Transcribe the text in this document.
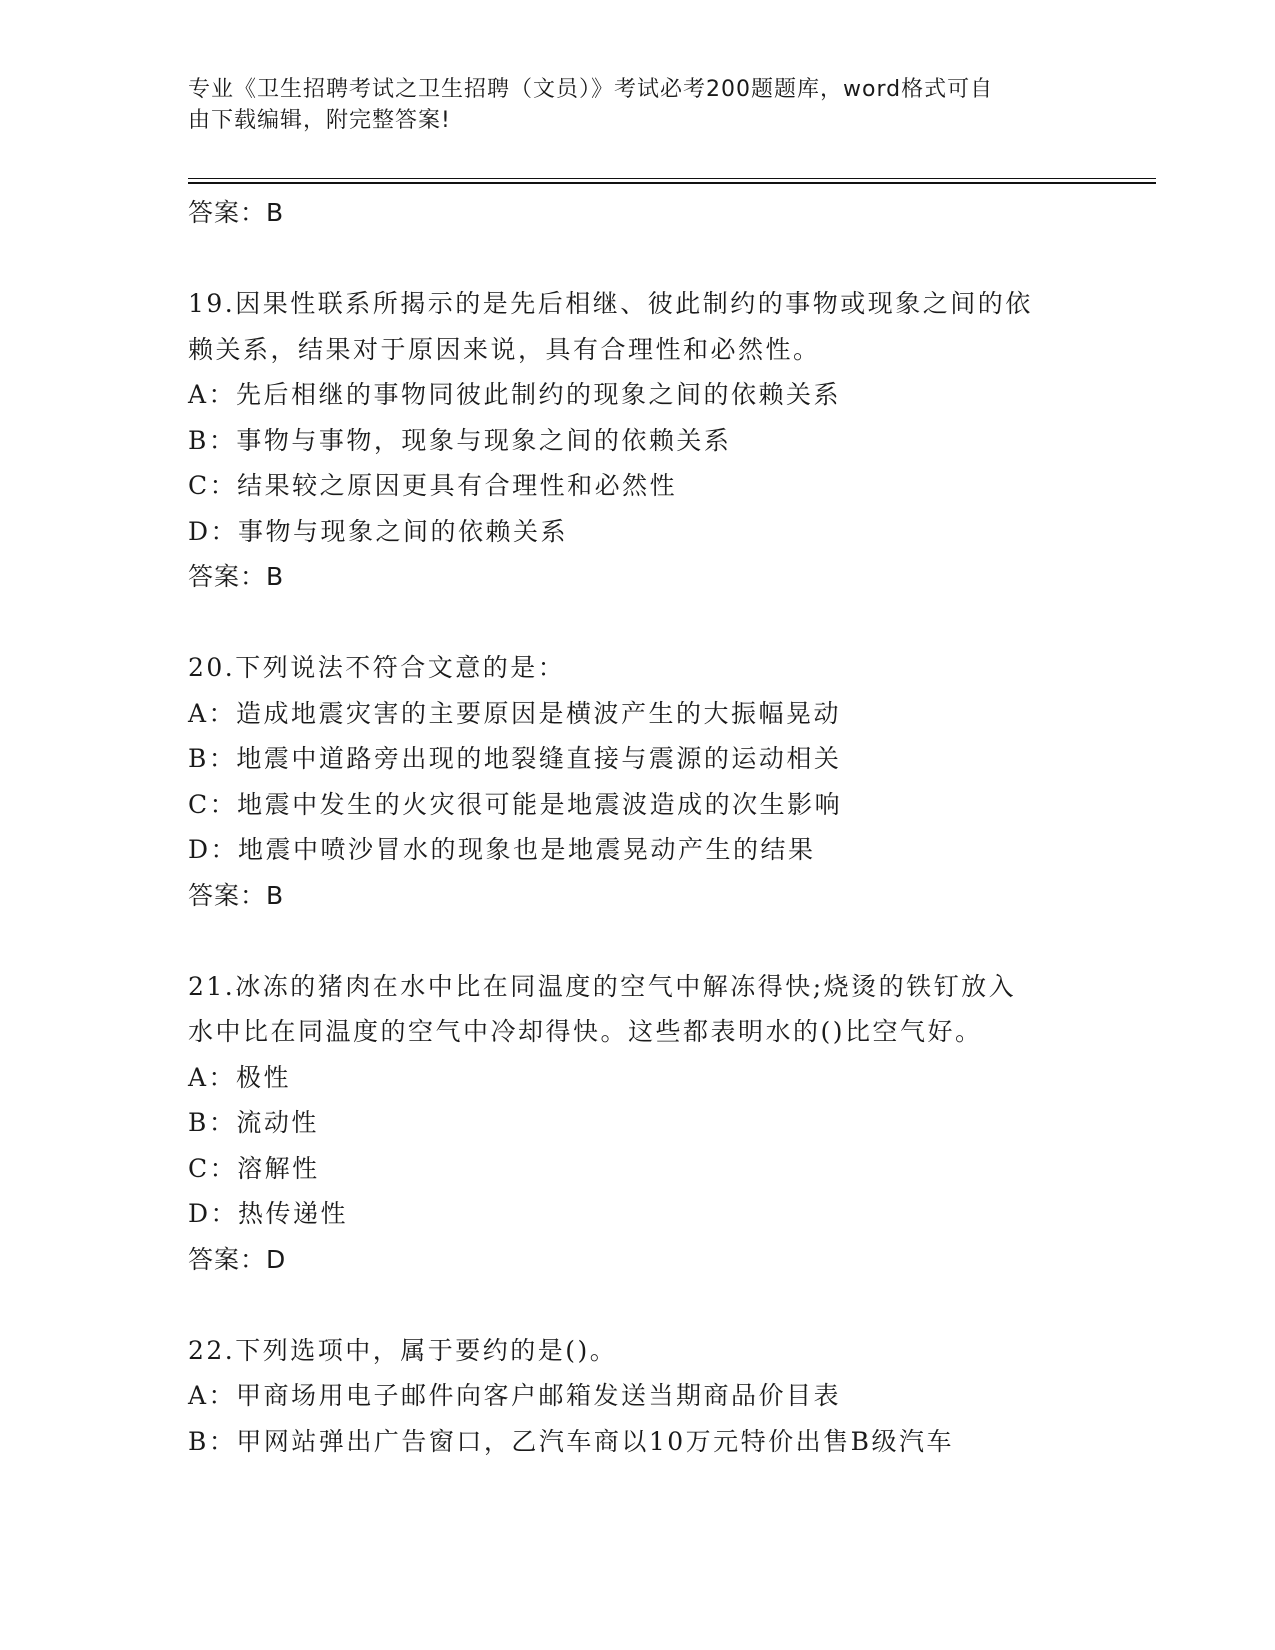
专业《卫生招聘考试之卫生招聘（文员）》考试必考200题题库，word格式可自
由下载编辑，附完整答案!
答案：B
19.因果性联系所揭示的是先后相继、彼此制约的事物或现象之间的依
赖关系，结果对于原因来说，具有合理性和必然性。
A：先后相继的事物同彼此制约的现象之间的依赖关系
B：事物与事物，现象与现象之间的依赖关系
C：结果较之原因更具有合理性和必然性
D：事物与现象之间的依赖关系
答案：B
20.下列说法不符合文意的是：
A：造成地震灾害的主要原因是横波产生的大振幅晃动
B：地震中道路旁出现的地裂缝直接与震源的运动相关
C：地震中发生的火灾很可能是地震波造成的次生影响
D：地震中喷沙冒水的现象也是地震晃动产生的结果
答案：B
21.冰冻的猪肉在水中比在同温度的空气中解冻得快;烧烫的铁钉放入
水中比在同温度的空气中冷却得快。这些都表明水的()比空气好。
A：极性
B：流动性
C：溶解性
D：热传递性
答案：D
22.下列选项中，属于要约的是()。
A：甲商场用电子邮件向客户邮箱发送当期商品价目表
B：甲网站弹出广告窗口，乙汽车商以10万元特价出售B级汽车
